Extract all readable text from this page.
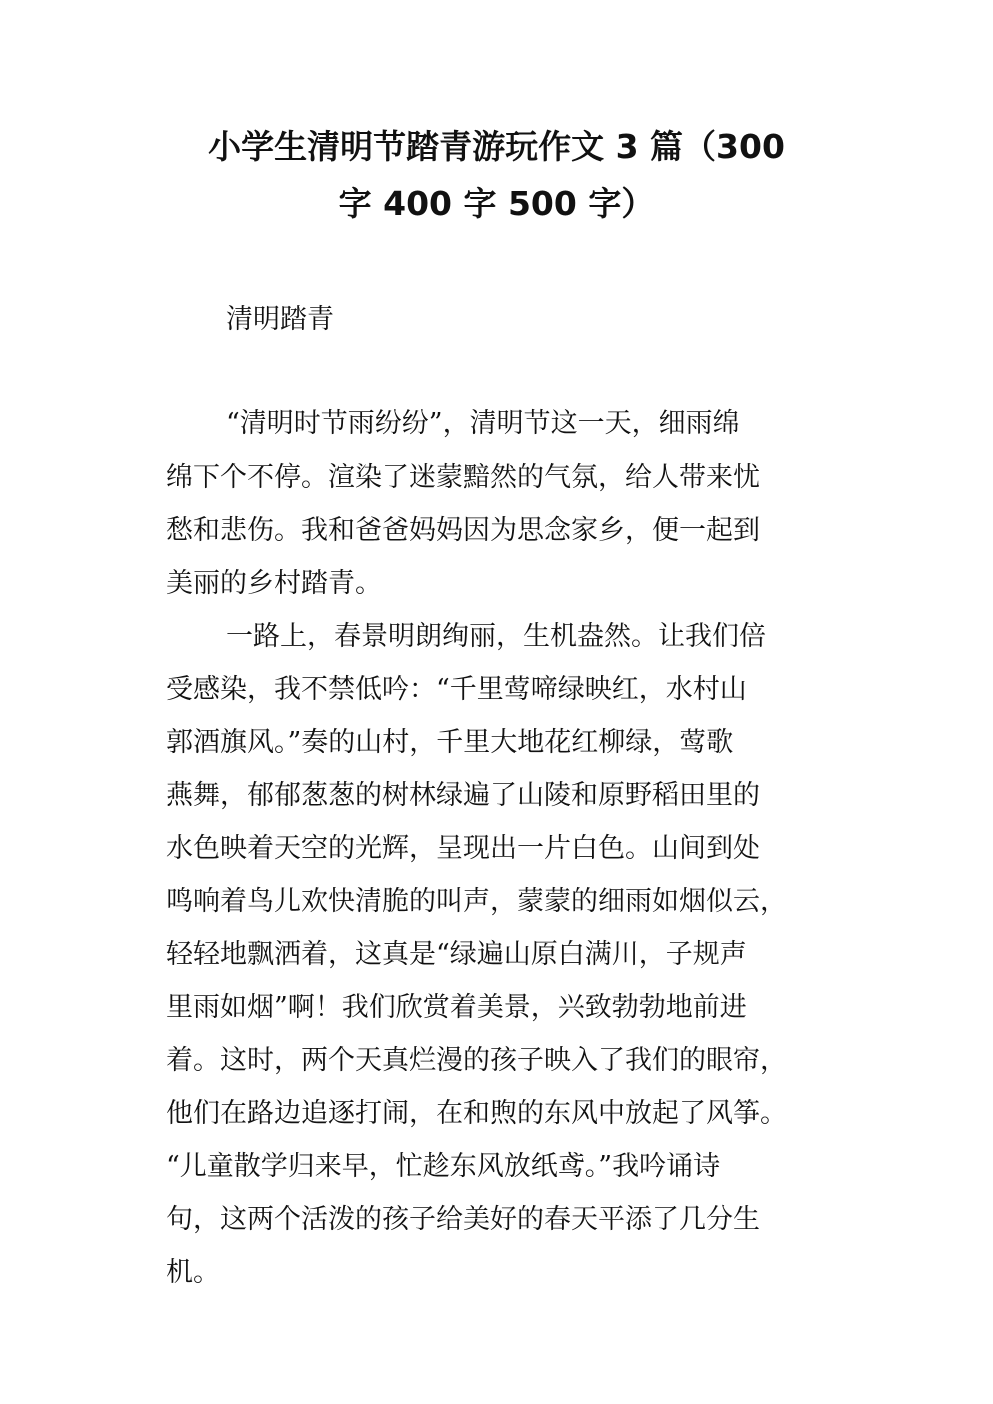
小学生清明节踏青游玩作文 3 篇（300
字 400 字 500 字）

清明踏青

“清明时节雨纷纷”，清明节这一天，细雨绵

绵下个不停。渲染了迷蒙黯然的气氛，给人带来忧

愁和悲伤。我和爸爸妈妈因为思念家乡，便一起到

美丽的乡村踏青。

一路上，春景明朗绚丽，生机盎然。让我们倍

受感染，我不禁低吟：“千里莺啼绿映红，水村山

郭酒旗风。”奏的山村，千里大地花红柳绿，莺歌

燕舞，郁郁葱葱的树林绿遍了山陵和原野稻田里的

水色映着天空的光辉，呈现出一片白色。山间到处

鸣响着鸟儿欢快清脆的叫声，蒙蒙的细雨如烟似云，

轻轻地飘洒着，这真是“绿遍山原白满川，子规声

里雨如烟”啊！我们欣赏着美景，兴致勃勃地前进

着。这时，两个天真烂漫的孩子映入了我们的眼帘，

他们在路边追逐打闹，在和煦的东风中放起了风筝。

“儿童散学归来早，忙趁东风放纸鸢。”我吟诵诗

句，这两个活泼的孩子给美好的春天平添了几分生

机。
